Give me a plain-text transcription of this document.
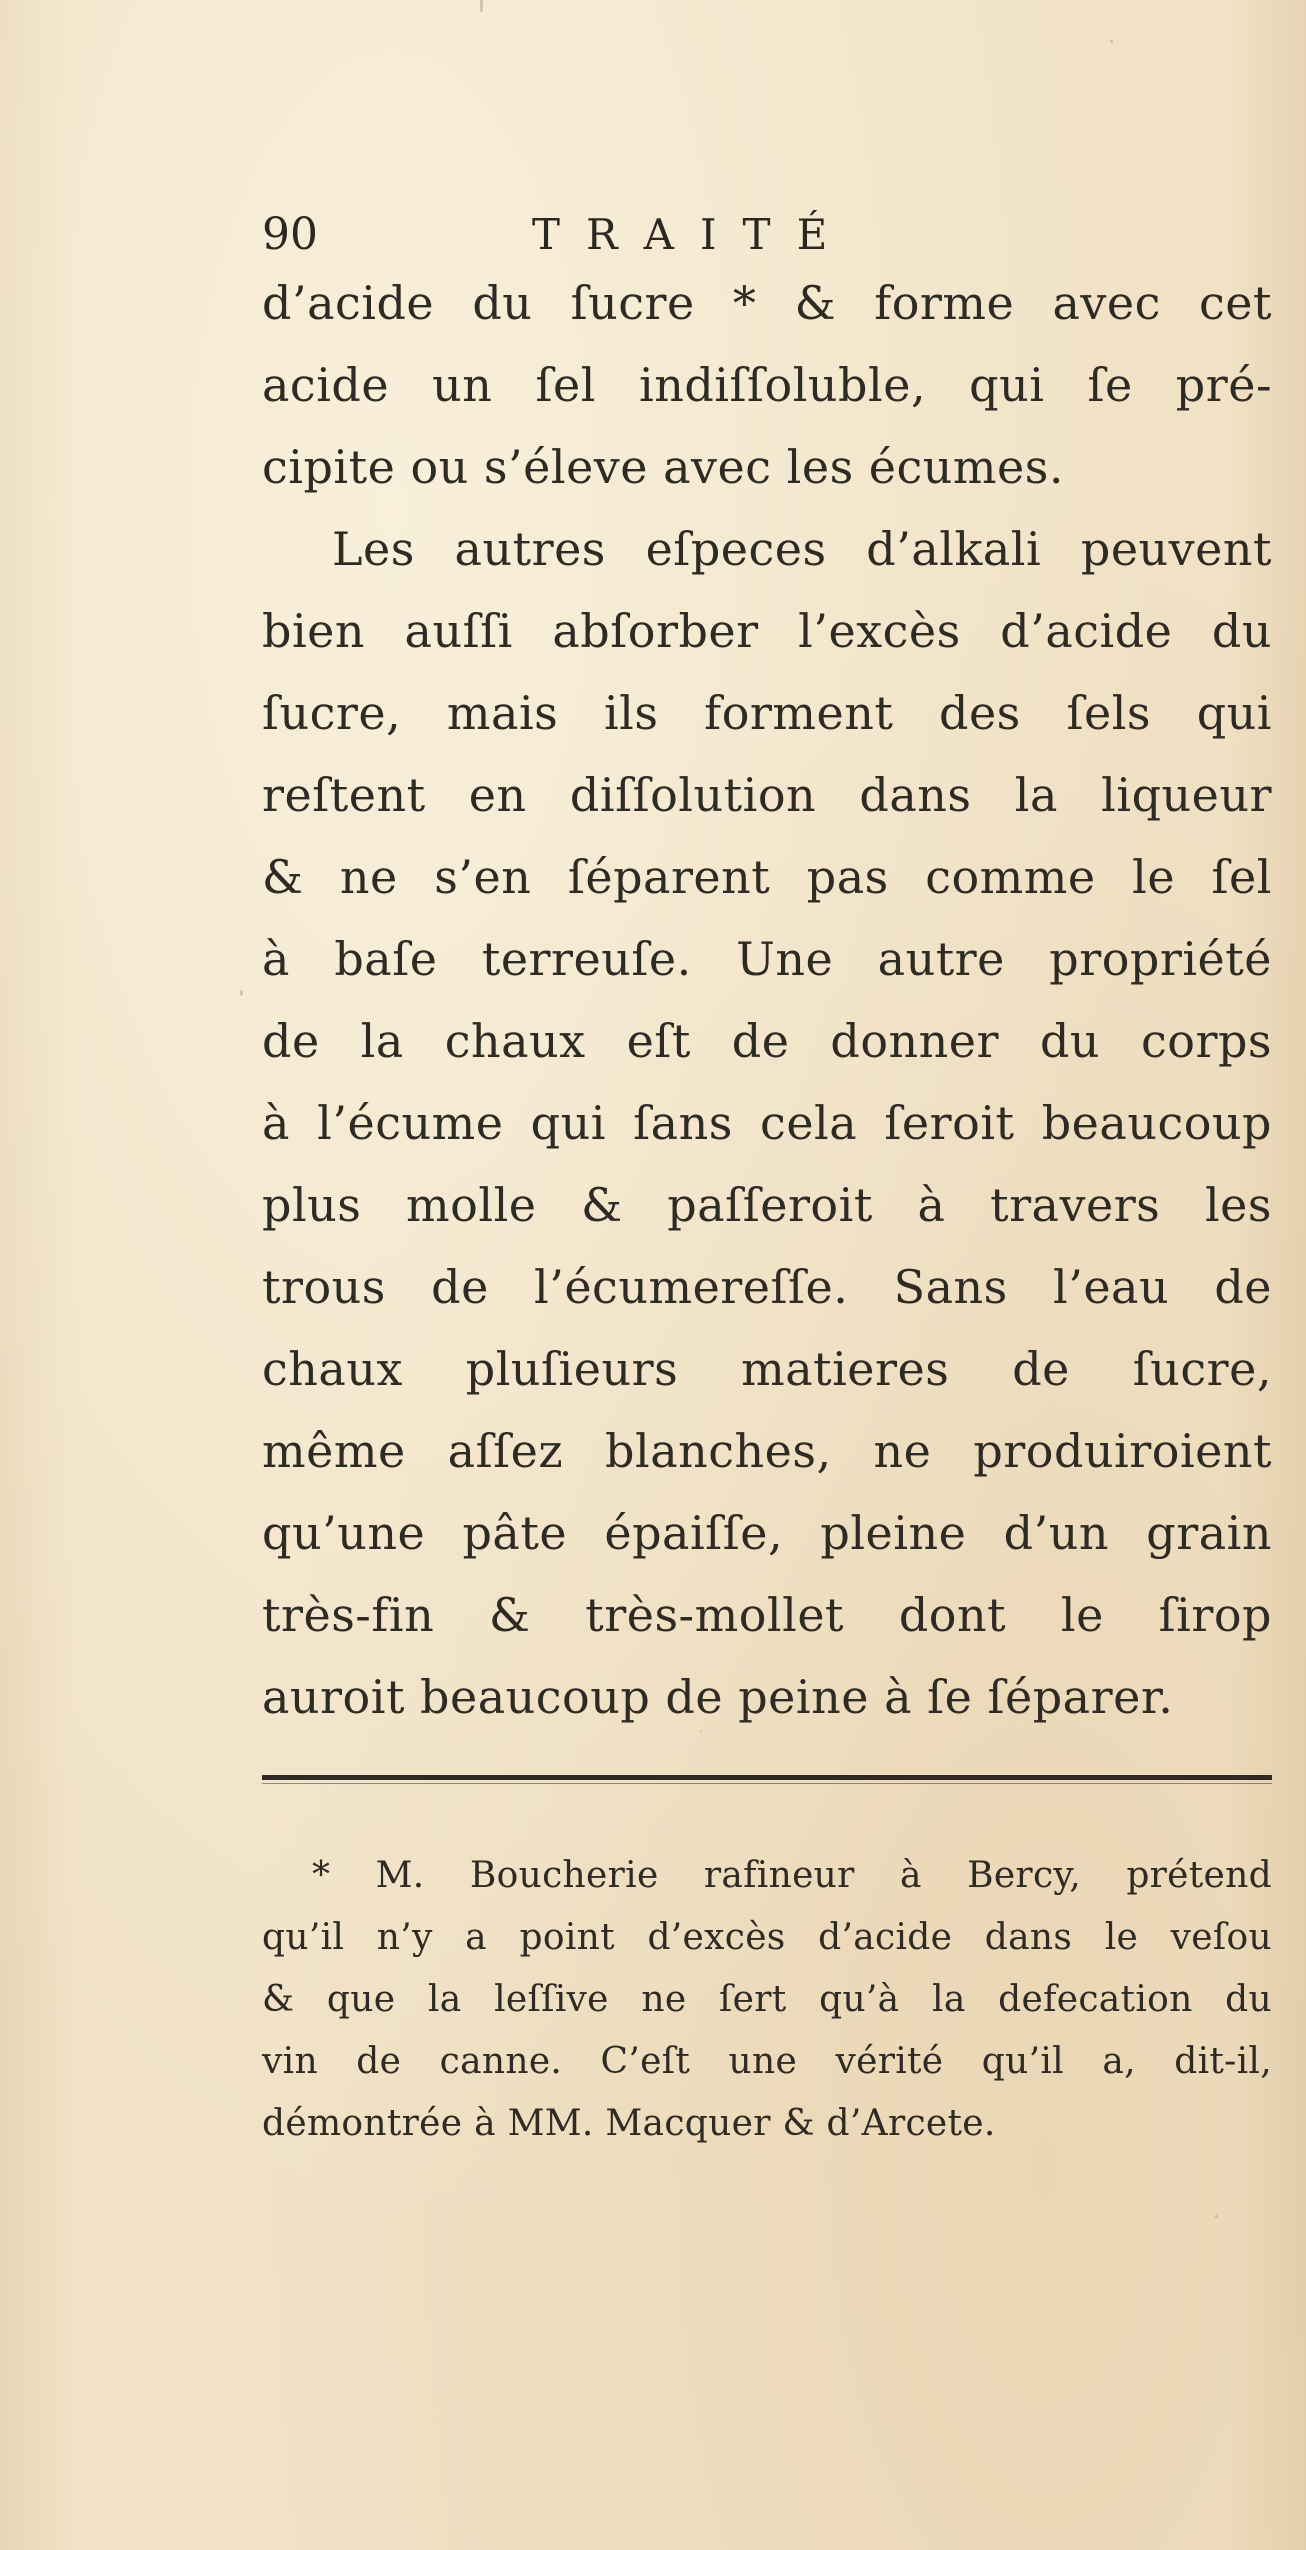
90	TRAITÉ
d’acide du ſucre * & forme avec cet
acide un ſel indiſſoluble, qui ſe pré-
cipite ou s’éleve avec les écumes.
Les autres eſpeces d’alkali peuvent
bien auſſi abſorber l’excès d’acide du
ſucre, mais ils forment des ſels qui
reſtent en diſſolution dans la liqueur
& ne s’en ſéparent pas comme le ſel
à baſe terreuſe. Une autre propriété
de la chaux eſt de donner du corps
à l’écume qui ſans cela ſeroit beaucoup
plus molle & paſſeroit à travers les
trous de l’écumereſſe. Sans l’eau de
chaux pluſieurs matieres de ſucre,
même aſſez blanches, ne produiroient
qu’une pâte épaiſſe, pleine d’un grain
très-fin & très-mollet dont le ſirop
auroit beaucoup de peine à ſe ſéparer.
* M. Boucherie rafineur à Bercy, prétend
qu’il n’y a point d’excès d’acide dans le veſou
& que la leſſive ne ſert qu’à la defecation du
vin de canne. C’eſt une vérité qu’il a, dit-il,
démontrée à MM. Macquer & d’Arcete.
